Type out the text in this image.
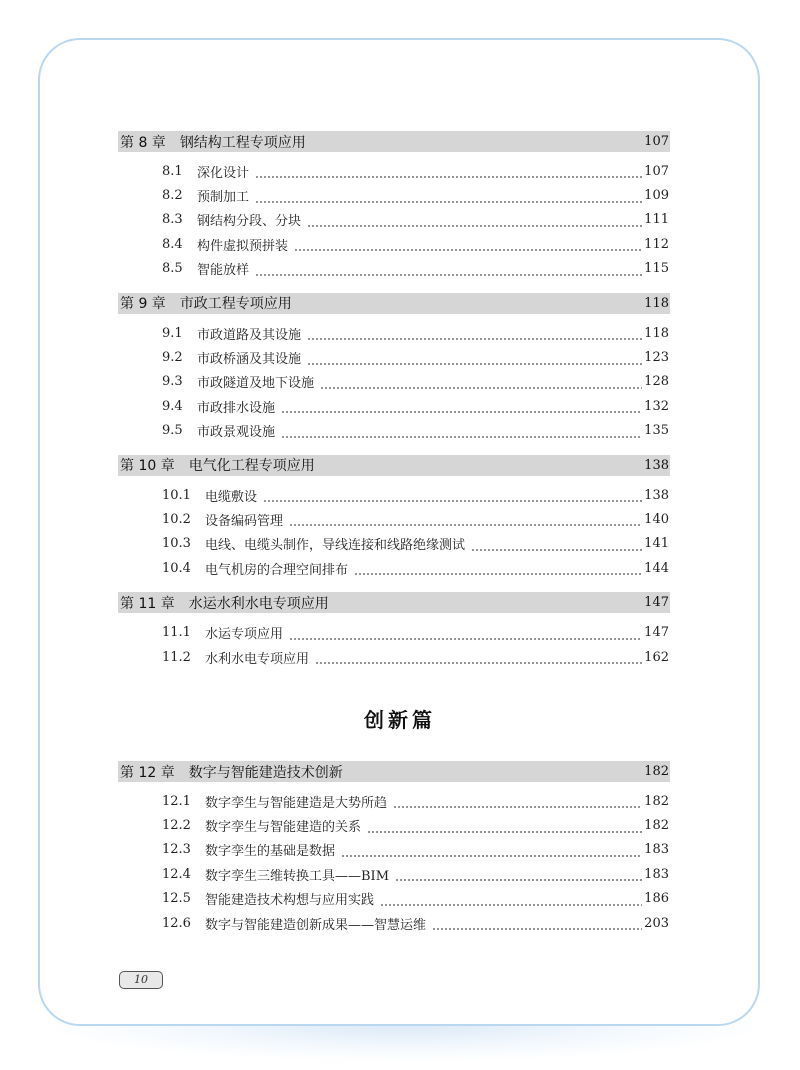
第 8 章 钢结构工程专项应用	107
8.1	深化设计	107
8.2	预制加工	109
8.3	钢结构分段、分块	111
8.4	构件虚拟预拼装	112
8.5	智能放样	115
第 9 章 市政工程专项应用	118
9.1	市政道路及其设施	118
9.2	市政桥涵及其设施	123
9.3	市政隧道及地下设施	128
9.4	市政排水设施	132
9.5	市政景观设施	135
第 10 章 电气化工程专项应用	138
10.1	电缆敷设	138
10.2	设备编码管理	140
10.3	电线、电缆头制作，导线连接和线路绝缘测试	141
10.4	电气机房的合理空间排布	144
第 11 章 水运水利水电专项应用	147
11.1	水运专项应用	147
11.2	水利水电专项应用	162
创新篇
第 12 章 数字与智能建造技术创新	182
12.1	数字孪生与智能建造是大势所趋	182
12.2	数字孪生与智能建造的关系	182
12.3	数字孪生的基础是数据	183
12.4	数字孪生三维转换工具——BIM	183
12.5	智能建造技术构想与应用实践	186
12.6	数字与智能建造创新成果——智慧运维	203
10
